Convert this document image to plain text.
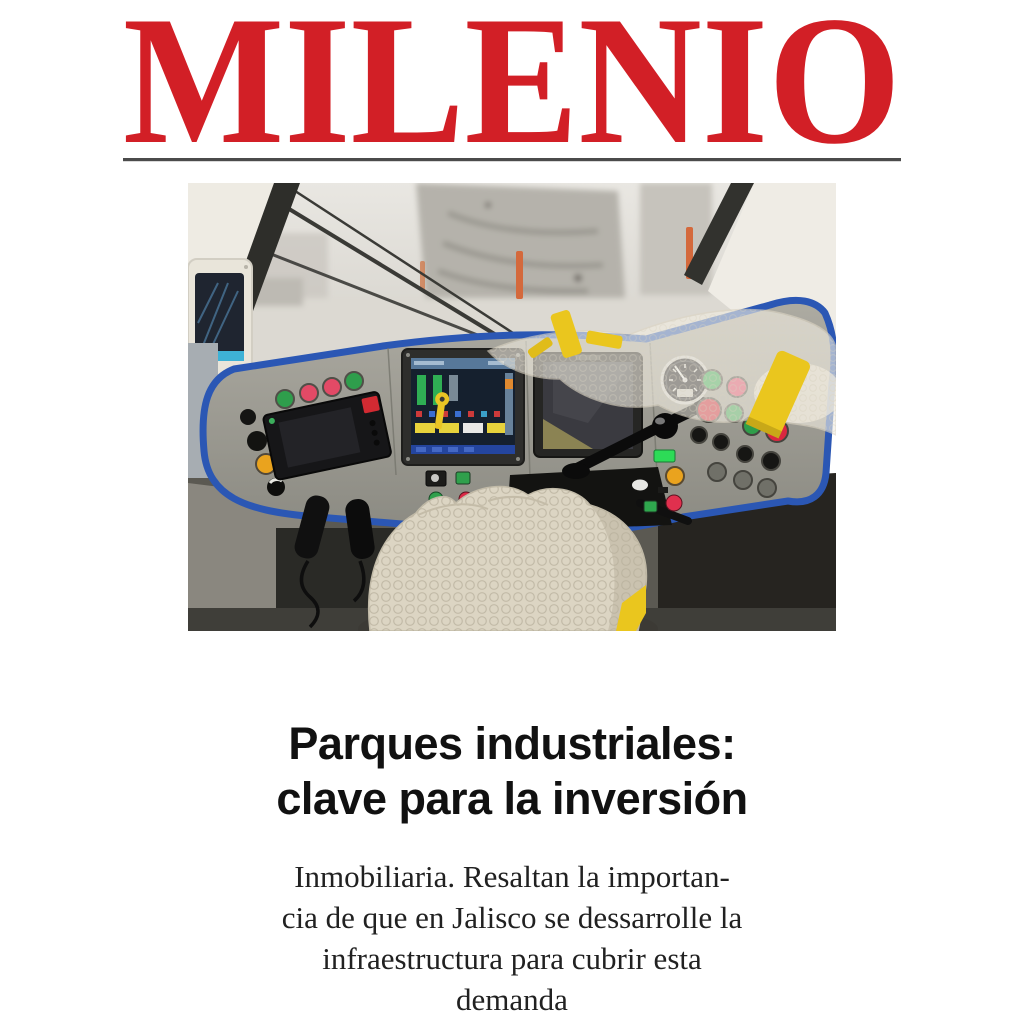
MILENIO
Parques industriales:
clave para la inversión

Inmobiliaria. Resaltan la importan-
cia de que en Jalisco se dessarrolle la
infraestructura para cubrir esta
demanda
